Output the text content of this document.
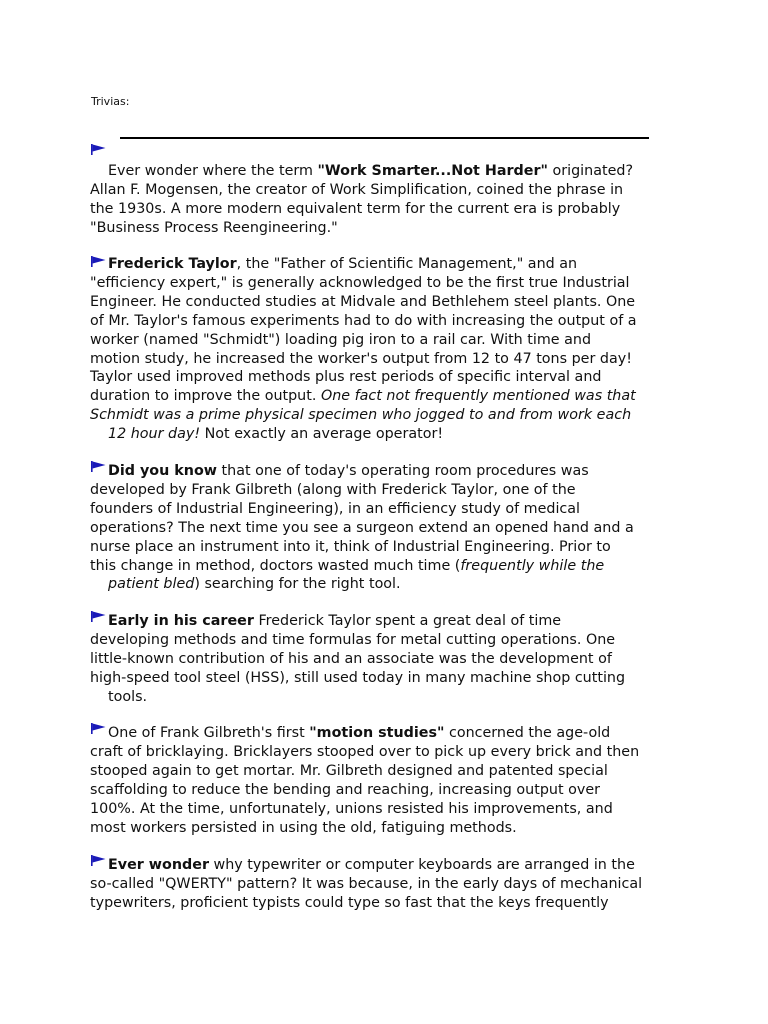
Trivias:
Ever wonder where the term "Work Smarter...Not Harder" originated?
Allan F. Mogensen, the creator of Work Simplification, coined the phrase in
the 1930s. A more modern equivalent term for the current era is probably
"Business Process Reengineering."
Frederick Taylor, the "Father of Scientific Management," and an
"efficiency expert," is generally acknowledged to be the first true Industrial
Engineer. He conducted studies at Midvale and Bethlehem steel plants. One
of Mr. Taylor's famous experiments had to do with increasing the output of a
worker (named "Schmidt") loading pig iron to a rail car. With time and
motion study, he increased the worker's output from 12 to 47 tons per day!
Taylor used improved methods plus rest periods of specific interval and
duration to improve the output. One fact not frequently mentioned was that
Schmidt was a prime physical specimen who jogged to and from work each
12 hour day! Not exactly an average operator!
Did you know that one of today's operating room procedures was
developed by Frank Gilbreth (along with Frederick Taylor, one of the
founders of Industrial Engineering), in an efficiency study of medical
operations? The next time you see a surgeon extend an opened hand and a
nurse place an instrument into it, think of Industrial Engineering. Prior to
this change in method, doctors wasted much time (frequently while the
patient bled) searching for the right tool.
Early in his career Frederick Taylor spent a great deal of time
developing methods and time formulas for metal cutting operations. One
little-known contribution of his and an associate was the development of
high-speed tool steel (HSS), still used today in many machine shop cutting
tools.
One of Frank Gilbreth's first "motion studies" concerned the age-old
craft of bricklaying. Bricklayers stooped over to pick up every brick and then
stooped again to get mortar. Mr. Gilbreth designed and patented special
scaffolding to reduce the bending and reaching, increasing output over
100%. At the time, unfortunately, unions resisted his improvements, and
most workers persisted in using the old, fatiguing methods.
Ever wonder why typewriter or computer keyboards are arranged in the
so-called "QWERTY" pattern? It was because, in the early days of mechanical
typewriters, proficient typists could type so fast that the keys frequently
